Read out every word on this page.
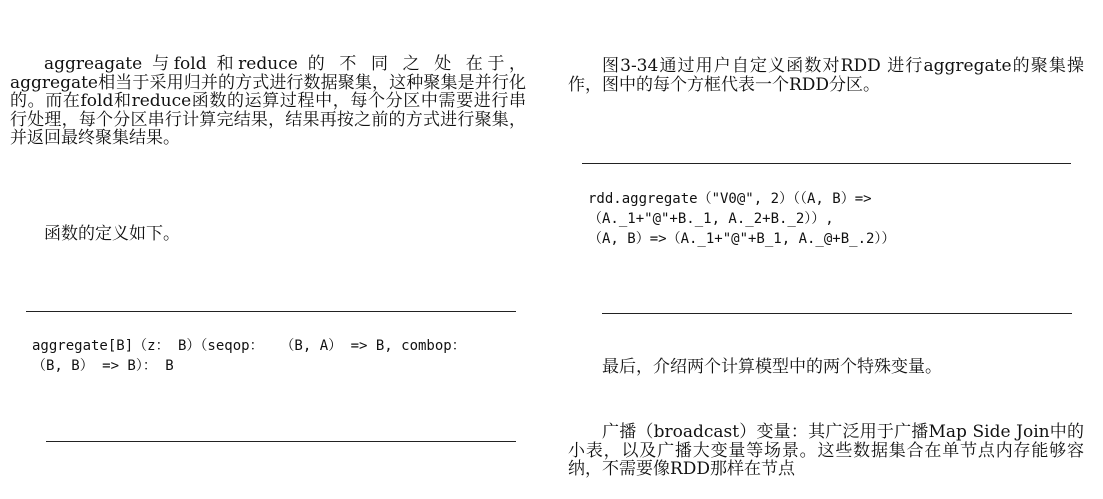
aggreagate 与fold 和reduce 的 不 同 之 处 在于，aggregate相当于采用归并的方式进行数据聚集，这种聚集是并行化的。而在fold和reduce函数的运算过程中，每个分区中需要进行串行处理，每个分区串行计算完结果，结果再按之前的方式进行聚集，并返回最终聚集结果。

函数的定义如下。

aggregate[B]（z： B）（seqop：  （B, A） => B, combop：
（B, B） => B）： B

图3-34通过用户自定义函数对RDD 进行aggregate的聚集操作，图中的每个方框代表一个RDD分区。

rdd.aggregate（"V0@", 2）（（A, B）=>
（A._1+"@"+B._1, A._2+B._2））,
（A, B）=>（A._1+"@"+B_1, A._@+B_.2））

最后，介绍两个计算模型中的两个特殊变量。

广播（broadcast）变量：其广泛用于广播Map Side Join中的小表，以及广播大变量等场景。这些数据集合在单节点内存能够容纳，不需要像RDD那样在节点
